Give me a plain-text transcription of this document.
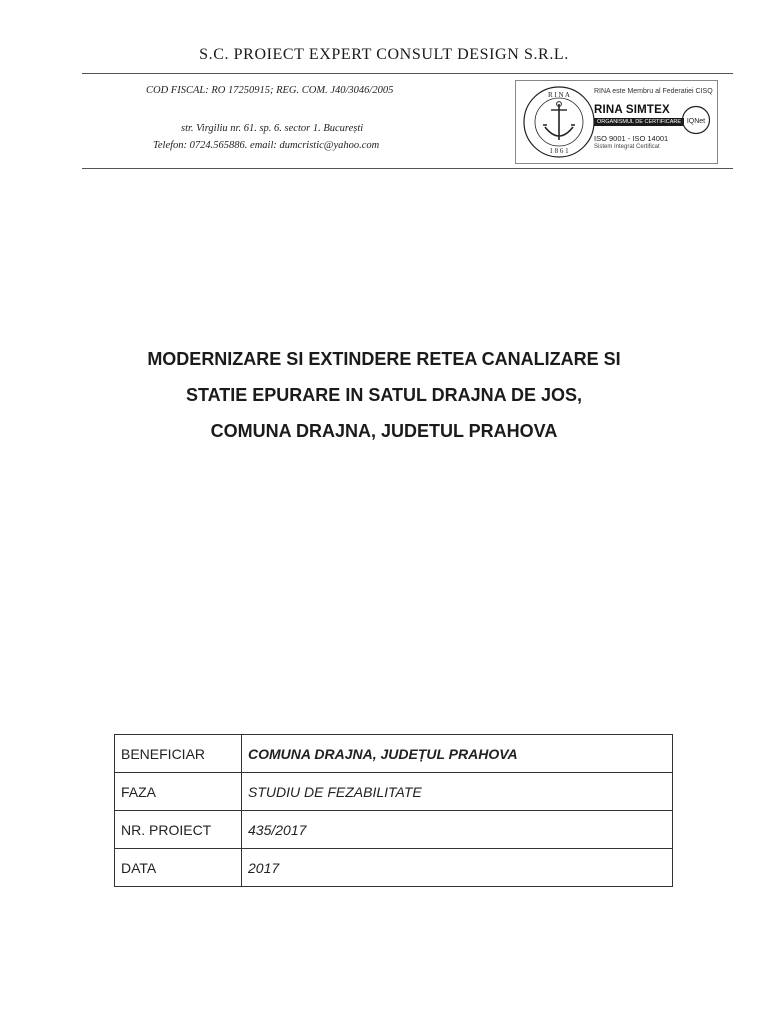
S.C. PROIECT EXPERT CONSULT DESIGN S.R.L.
COD FISCAL: RO 17250915; REG. COM. J40/3046/2005
str. Virgiliu nr. 61. sp. 6. sector 1. București
Telefon: 0724.565886. email: dumcristic@yahoo.com
R I N A
1 8 6 1
RINA este Membru al Federatiei CISQ
RINA SIMTEX
ORGANISMUL DE CERTIFICARE
ISO 9001 - ISO 14001
Sistem Integrat Certificat
IQNet
MODERNIZARE SI EXTINDERE RETEA CANALIZARE SI
STATIE EPURARE IN SATUL DRAJNA DE JOS,
COMUNA DRAJNA, JUDETUL PRAHOVA
BENEFICIAR	COMUNA DRAJNA, JUDEȚUL PRAHOVA
FAZA	STUDIU DE FEZABILITATE
NR. PROIECT	435/2017
DATA	2017
